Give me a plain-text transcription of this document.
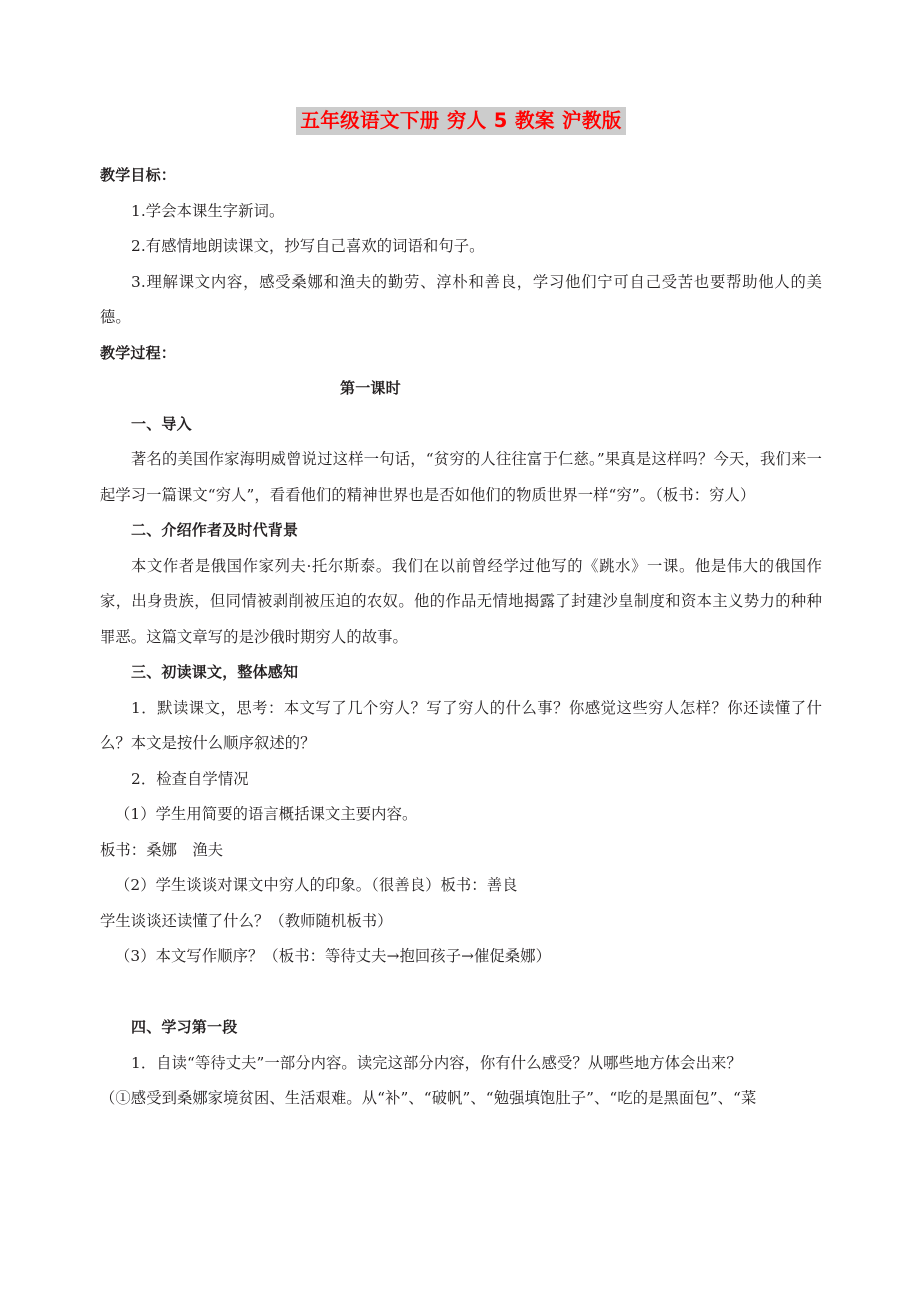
五年级语文下册 穷人 5 教案 沪教版

教学目标：

1.学会本课生字新词。

2.有感情地朗读课文，抄写自己喜欢的词语和句子。

3.理解课文内容，感受桑娜和渔夫的勤劳、淳朴和善良，学习他们宁可自己受苦也要帮助他人的美德。

教学过程：

第一课时

一、导入

著名的美国作家海明威曾说过这样一句话，“贫穷的人往往富于仁慈。”果真是这样吗？今天，我们来一起学习一篇课文“穷人”，看看他们的精神世界也是否如他们的物质世界一样“穷”。（板书：穷人）

二、介绍作者及时代背景

本文作者是俄国作家列夫·托尔斯泰。我们在以前曾经学过他写的《跳水》一课。他是伟大的俄国作家，出身贵族，但同情被剥削被压迫的农奴。他的作品无情地揭露了封建沙皇制度和资本主义势力的种种罪恶。这篇文章写的是沙俄时期穷人的故事。

三、初读课文，整体感知

1．默读课文，思考：本文写了几个穷人？写了穷人的什么事？你感觉这些穷人怎样？你还读懂了什么？本文是按什么顺序叙述的？

2．检查自学情况

（1）学生用简要的语言概括课文主要内容。

板书：桑娜　渔夫

（2）学生谈谈对课文中穷人的印象。（很善良）板书：善良

学生谈谈还读懂了什么？（教师随机板书）

（3）本文写作顺序？（板书：等待丈夫→抱回孩子→催促桑娜）

四、学习第一段

1．自读“等待丈夫”一部分内容。读完这部分内容，你有什么感受？从哪些地方体会出来？

（①感受到桑娜家境贫困、生活艰难。从“补”、“破帆”、“勉强填饱肚子”、“吃的是黑面包”、“菜
